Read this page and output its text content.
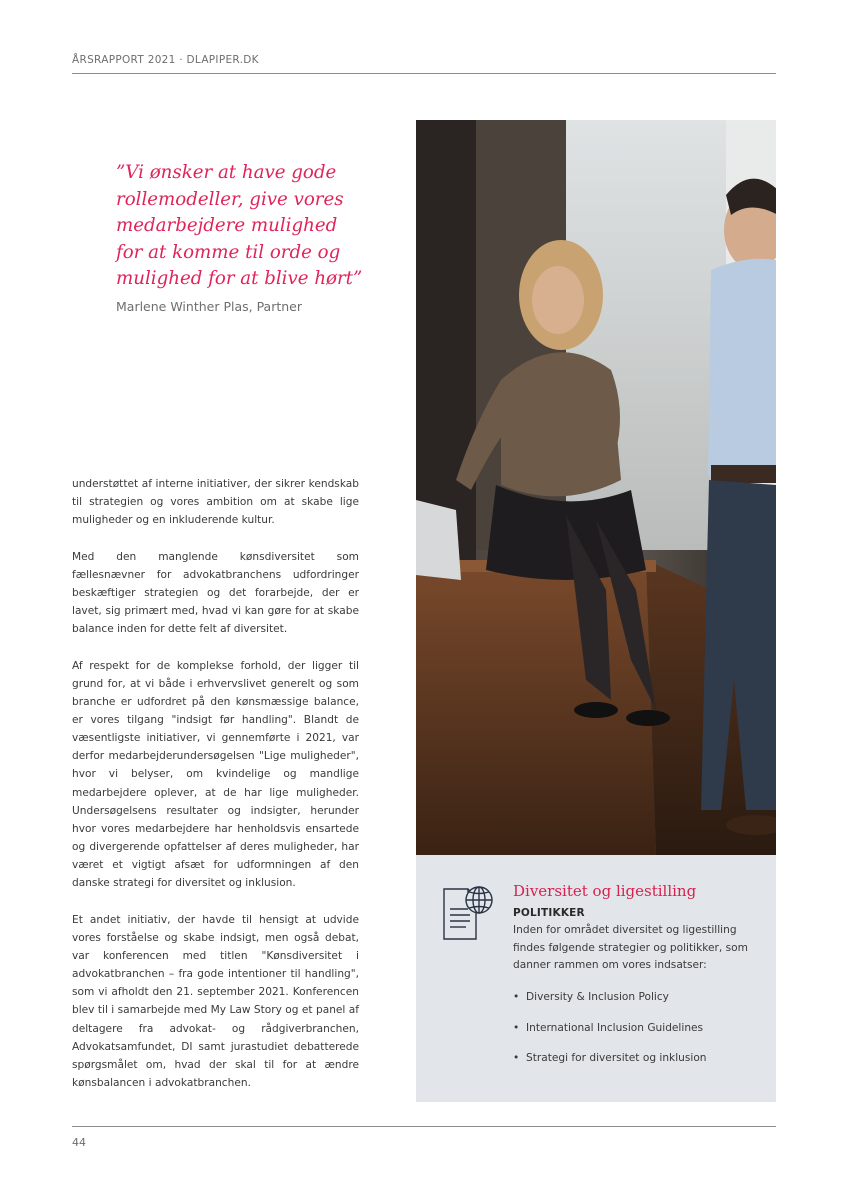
ÅRSRAPPORT 2021 · DLAPIPER.DK
”Vi ønsker at have gode
rollemodeller, give vores
medarbejdere mulighed
for at komme til orde og
mulighed for at blive hørt”
Marlene Winther Plas, Partner

understøttet af interne initiativer, der sikrer kendskab til strategien og vores ambition om at skabe lige muligheder og en inkluderende kultur.

Med den manglende kønsdiversitet som fællesnævner for advokatbranchens udfordringer beskæftiger strategien og det forarbejde, der er lavet, sig primært med, hvad vi kan gøre for at skabe balance inden for dette felt af diversitet.

Af respekt for de komplekse forhold, der ligger til grund for, at vi både i erhvervslivet generelt og som branche er udfordret på den kønsmæssige balance, er vores tilgang "indsigt før handling". Blandt de væsentligste initiativer, vi gennemførte i 2021, var derfor medarbejderundersøgelsen "Lige muligheder", hvor vi belyser, om kvindelige og mandlige medarbejdere oplever, at de har lige muligheder. Undersøgelsens resultater og indsigter, herunder hvor vores medarbejdere har henholdsvis ensartede og divergerende opfattelser af deres muligheder, har været et vigtigt afsæt for udformningen af den danske strategi for diversitet og inklusion.

Et andet initiativ, der havde til hensigt at udvide vores forståelse og skabe indsigt, men også debat, var konferencen med titlen "Kønsdiversitet i advokatbranchen – fra gode intentioner til handling", som vi afholdt den 21. september 2021. Konferencen blev til i samarbejde med My Law Story og et panel af deltagere fra advokat- og rådgiverbranchen, Advokatsamfundet, DI samt jurastudiet debatterede spørgsmålet om, hvad der skal til for at ændre kønsbalancen i advokatbranchen.

Diversitet og ligestilling
POLITIKKER
Inden for området diversitet og ligestilling findes følgende strategier og politikker, som danner rammen om vores indsatser:
• Diversity & Inclusion Policy
• International Inclusion Guidelines
• Strategi for diversitet og inklusion
44
